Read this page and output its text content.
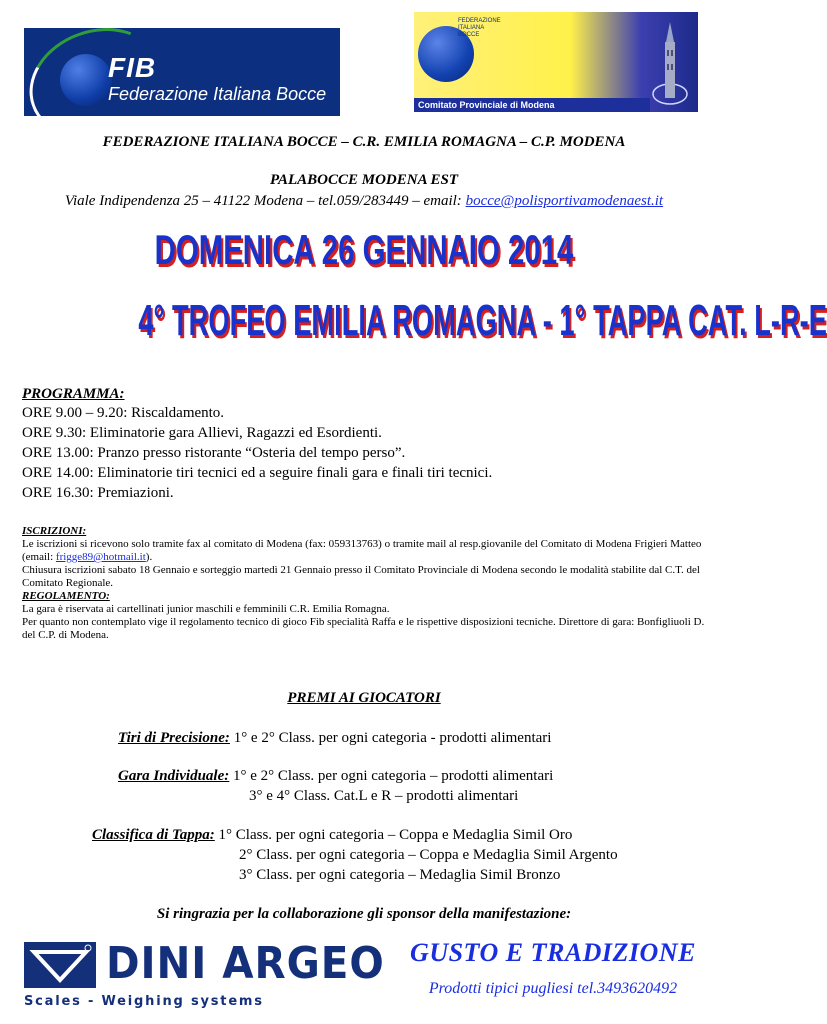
FIB
Federazione Italiana Bocce
FEDERAZIONE ITALIANA BOCCE
Comitato Provinciale di Modena
FEDERAZIONE ITALIANA BOCCE – C.R. EMILIA ROMAGNA – C.P. MODENA
PALABOCCE MODENA EST
Viale Indipendenza 25 – 41122 Modena – tel.059/283449 – email: bocce@polisportivamodenaest.it
DOMENICA 26 GENNAIO 2014
4° TROFEO EMILIA ROMAGNA - 1° TAPPA CAT. L-R-E
PROGRAMMA:
ORE 9.00 – 9.20: Riscaldamento.
ORE 9.30: Eliminatorie gara Allievi, Ragazzi ed Esordienti.
ORE 13.00: Pranzo presso ristorante “Osteria del tempo perso”.
ORE 14.00: Eliminatorie tiri tecnici ed a seguire finali gara e finali tiri tecnici.
ORE 16.30: Premiazioni.
ISCRIZIONI:
Le iscrizioni si ricevono solo tramite fax al comitato di Modena (fax: 059313763) o tramite mail al resp.giovanile del Comitato di Modena Frigieri Matteo (email: frigge89@hotmail.it).
Chiusura iscrizioni sabato 18 Gennaio e sorteggio martedì 21 Gennaio presso il Comitato Provinciale di Modena secondo le modalità stabilite dal C.T. del Comitato Regionale.
REGOLAMENTO:
La gara è riservata ai cartellinati junior maschili e femminili C.R. Emilia Romagna.
Per quanto non contemplato vige il regolamento tecnico di gioco Fib specialità Raffa e le rispettive disposizioni tecniche. Direttore di gara: Bonfigliuoli D. del C.P. di Modena.
PREMI AI GIOCATORI
Tiri di Precisione: 1° e 2° Class. per ogni categoria - prodotti alimentari
Gara Individuale: 1° e 2° Class. per ogni categoria – prodotti alimentari
3° e 4° Class. Cat.L e R – prodotti alimentari
Classifica di Tappa: 1° Class. per ogni categoria – Coppa e Medaglia Simil Oro
2° Class. per ogni categoria – Coppa e Medaglia Simil Argento
3° Class. per ogni categoria – Medaglia Simil Bronzo
Si ringrazia per la collaborazione gli sponsor della manifestazione:
DINI ARGEO
Scales - Weighing systems
GUSTO E TRADIZIONE
Prodotti tipici pugliesi tel.3493620492
